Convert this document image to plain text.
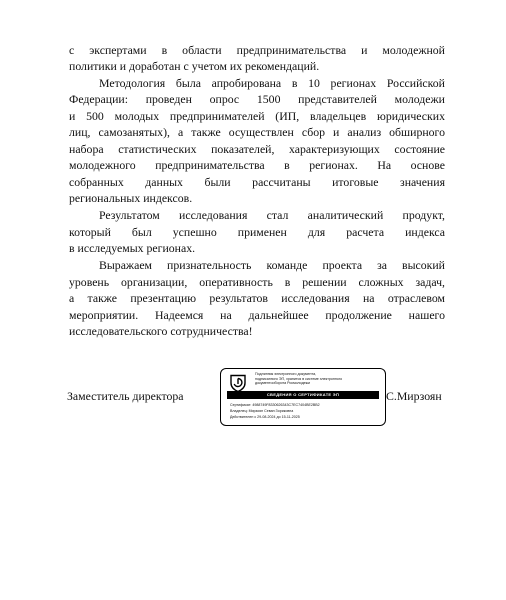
с экспертами в области предпринимательства и молодежной
политики и доработан с учетом их рекомендаций.
Методология была апробирована в 10 регионах Российской
Федерации: проведен опрос 1500 представителей молодежи
и 500 молодых предпринимателей (ИП, владельцев юридических
лиц, самозанятых), а также осуществлен сбор и анализ обширного
набора статистических показателей, характеризующих состояние
молодежного предпринимательства в регионах. На основе
собранных данных были рассчитаны итоговые значения
региональных индексов.
Результатом исследования стал аналитический продукт,
который был успешно применен для расчета индекса
в исследуемых регионах.
Выражаем признательность команде проекта за высокий
уровень организации, оперативность в решении сложных задач,
а также презентацию результатов исследования на отраслевом
мероприятии. Надеемся на дальнейшее продолжение нашего
исследовательского сотрудничества!
Заместитель директора
Подлинник электронного документа,
подписанного ЭП, хранится в системе электронного
документооборота Росмолодежи
СВЕДЕНИЯ О СЕРТИФИКАТЕ ЭП
Сертификат: 4988749F8330626343C7EC7404BE2BB2
Владелец: Мирзоян Севан Зориковна
Действителен с 29-08-2024 до 15-11-2025
С.Мирзоян
